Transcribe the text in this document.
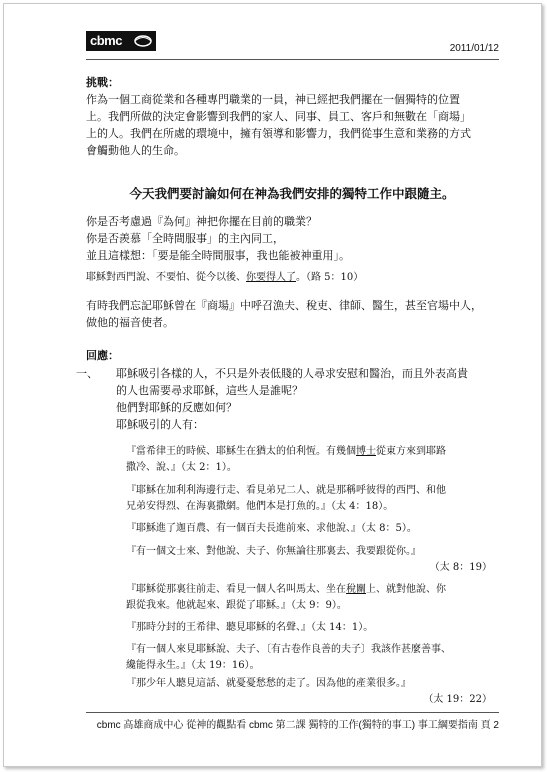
cbmc
2011/01/12
挑戰：
作為一個工商從業和各種專門職業的一員，神已經把我們擺在一個獨特的位置
上。我們所做的決定會影響到我們的家人、同事、員工、客戶和無數在「商場」
上的人。我們在所處的環境中，擁有領導和影響力，我們從事生意和業務的方式
會觸動他人的生命。
今天我們要討論如何在神為我們安排的獨特工作中跟隨主。
你是否考慮過『為何』神把你擺在目前的職業？
你是否羨慕「全時間服事」的主內同工，
並且這樣想：「要是能全時間服事，我也能被神重用」。
耶穌對西門說、不要怕、從今以後、你要得人了。（路 5：10）
有時我們忘記耶穌曾在『商場』中呼召漁夫、稅吏、律師、醫生，甚至官場中人，
做他的福音使者。
回應：
一、 耶穌吸引各樣的人，不只是外表低賤的人尋求安慰和醫治，而且外表高貴
的人也需要尋求耶穌，這些人是誰呢？
他們對耶穌的反應如何？
耶穌吸引的人有：
『當希律王的時候、耶穌生在猶太的伯利恆。有幾個博士從東方來到耶路
撒冷、說、』（太 2：1）。
『耶穌在加利利海邊行走、看見弟兄二人、就是那稱呼彼得的西門、和他
兄弟安得烈、在海裏撒網。他們本是打魚的。』（太 4：18）。
『耶穌進了迦百農、有一個百夫長進前來、求他說、』（太 8：5）。
『有一個文士來、對他說、夫子、你無論往那裏去、我要跟從你。』
（太 8：19）
『耶穌從那裏往前走、看見一個人名叫馬太、坐在稅關上、就對他說、你
跟從我來。他就起來、跟從了耶穌。』（太 9：9）。
『那時分封的王希律、聽見耶穌的名聲、』（太 14：1）。
『有一個人來見耶穌說、夫子、〔有古卷作良善的夫子〕我該作甚麼善事、
纔能得永生。』（太 19：16）。
『那少年人聽見這話、就憂憂愁愁的走了。因為他的產業很多。』
（太 19：22）
cbmc 高雄商成中心 從神的觀點看 cbmc 第二課 獨特的工作(獨特的事工) 事工綱要指南 頁 2
